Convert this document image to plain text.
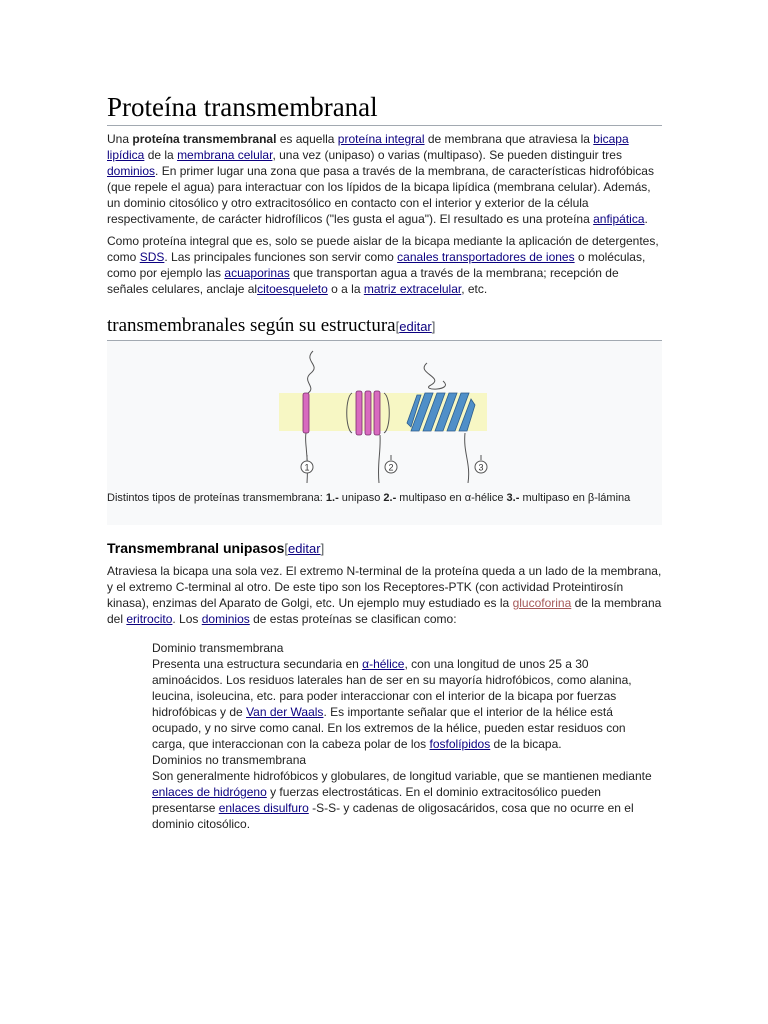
Proteína transmembranal

Una proteína transmembranal es aquella proteína integral de membrana que atraviesa la bicapa lipídica de la membrana celular, una vez (unipaso) o varias (multipaso). Se pueden distinguir tres dominios. En primer lugar una zona que pasa a través de la membrana, de características hidrofóbicas (que repele el agua) para interactuar con los lípidos de la bicapa lipídica (membrana celular). Además, un dominio citosólico y otro extracitosólico en contacto con el interior y exterior de la célula respectivamente, de carácter hidrofílicos ("les gusta el agua"). El resultado es una proteína anfipática.

Como proteína integral que es, solo se puede aislar de la bicapa mediante la aplicación de detergentes, como SDS. Las principales funciones son servir como canales transportadores de iones o moléculas, como por ejemplo las acuaporinas que transportan agua a través de la membrana; recepción de señales celulares, anclaje alcitoesqueleto o a la matriz extracelular, etc.

transmembranales según su estructura[editar]
1	2	3
Distintos tipos de proteínas transmembrana: 1.- unipaso 2.- multipaso en α-hélice 3.- multipaso en β-lámina
Transmembranal unipasos[editar]

Atraviesa la bicapa una sola vez. El extremo N-terminal de la proteína queda a un lado de la membrana, y el extremo C-terminal al otro. De este tipo son los Receptores-PTK (con actividad Proteintirosín kinasa), enzimas del Aparato de Golgi, etc. Un ejemplo muy estudiado es la glucoforina de la membrana del eritrocito. Los dominios de estas proteínas se clasifican como:

Dominio transmembrana
Presenta una estructura secundaria en α-hélice, con una longitud de unos 25 a 30 aminoácidos. Los residuos laterales han de ser en su mayoría hidrofóbicos, como alanina, leucina, isoleucina, etc. para poder interaccionar con el interior de la bicapa por fuerzas hidrofóbicas y de Van der Waals. Es importante señalar que el interior de la hélice está ocupado, y no sirve como canal. En los extremos de la hélice, pueden estar residuos con carga, que interaccionan con la cabeza polar de los fosfolípidos de la bicapa.
Dominios no transmembrana
Son generalmente hidrofóbicos y globulares, de longitud variable, que se mantienen mediante enlaces de hidrógeno y fuerzas electrostáticas. En el dominio extracitosólico pueden presentarse enlaces disulfuro -S-S- y cadenas de oligosacáridos, cosa que no ocurre en el dominio citosólico.
